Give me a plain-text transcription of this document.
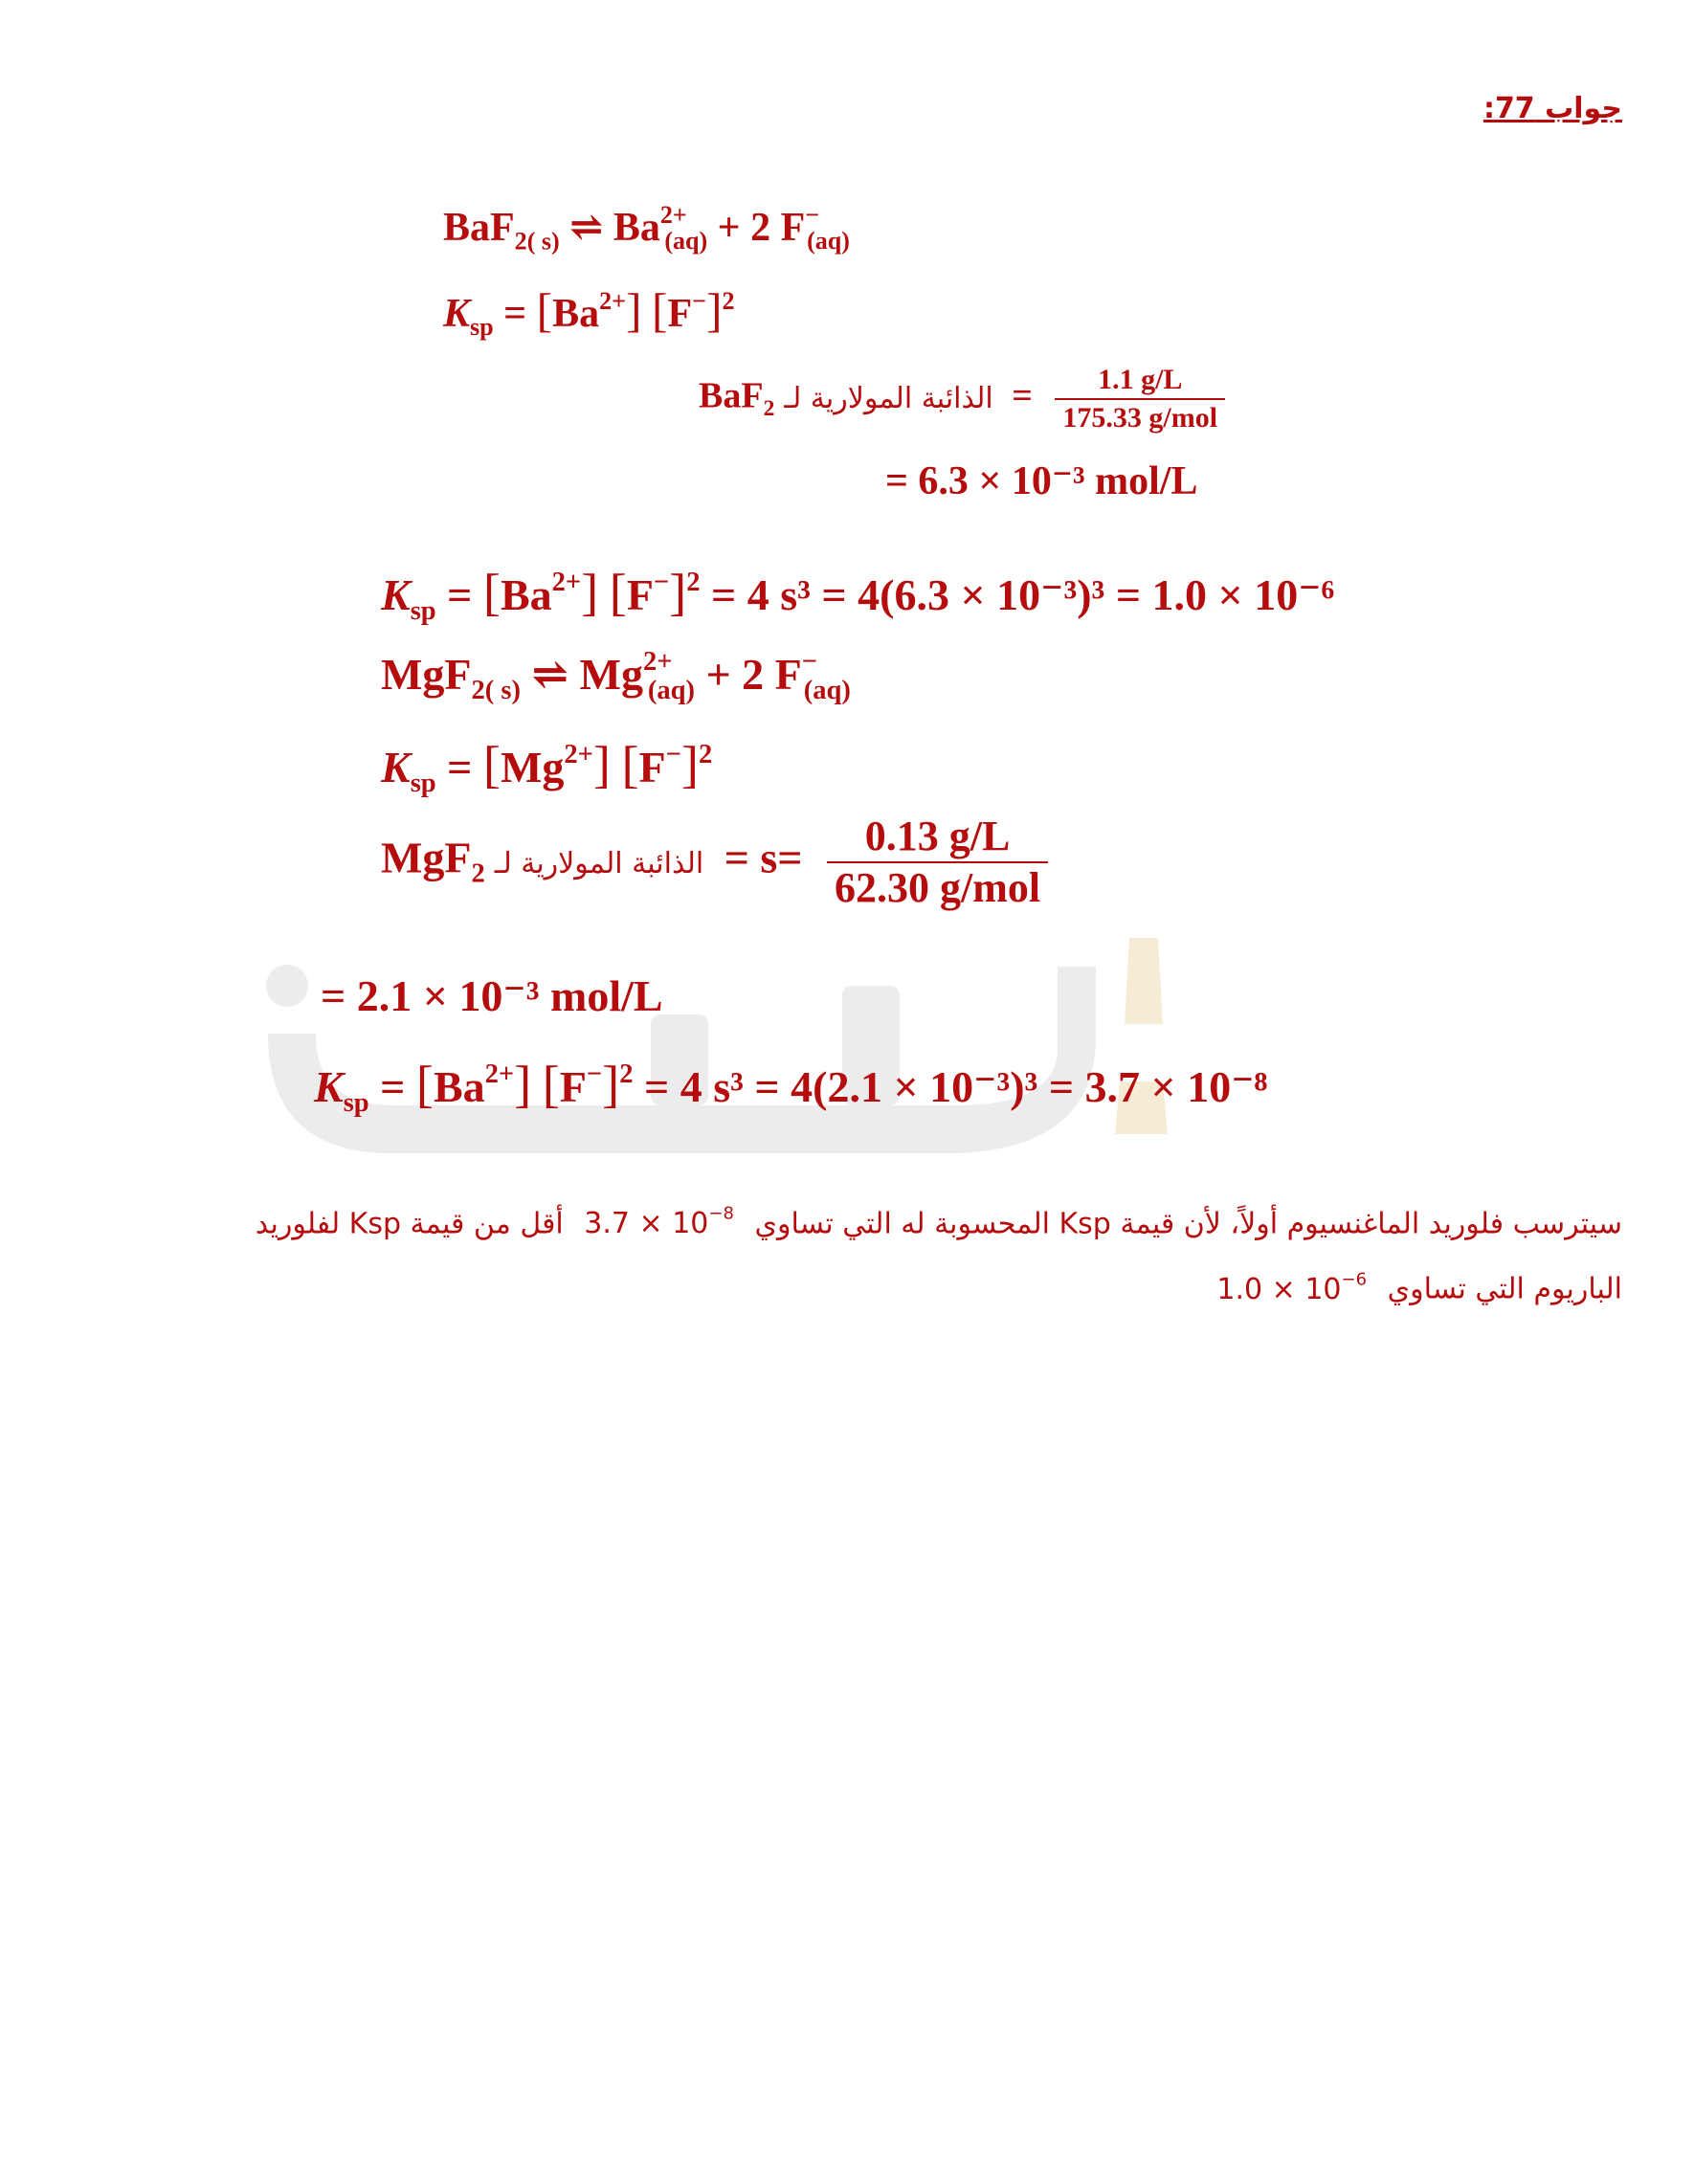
جواب 77:
BaF$_{2( s)}$ ⇌ $Ba^{2+}_{(aq)} + 2$ $F^-_{(aq)}$
$K_{sp} = [Ba^{2+}]$ $[F^-]^2$
BaF$_2$ الذائبة المولارية لـ = $\frac{1.1 g/L}{\text{175.33 g/mol}}$
= 6.3 × 10⁻³ mol/L
$K_{sp} = [Ba^{2+}] [F^-]^2 = 4$ s³ = 4(6.3 × 10⁻³)³ = 1.0 × 10⁻⁶
MgF$_{2( s)}$ ⇌ $Mg^{2+}_{(aq)} + 2$ $F^-_{(aq)}$
$K_{sp} = [Mg^{2+}]$ $[F^-]^2$
MgF$_2$ الذائبة المولارية لـ = $s= \frac{0.13 g/L}{\text{62.30 g/mol}}$
= 2.1 × 10⁻³ mol/L
$K_{sp} = [Ba^{2+}] [F^-]^2 = 4$ s³ = 4(2.1 × 10⁻³)³ = 3.7 × 10⁻⁸
سيترسب فلوريد الماغنسيوم أولاً، لأن قيمة Ksp المحسوبة له التي تساوي $3.7 \times 10^{-8}$ أقل من قيمة Ksp لفلوريد
الباريوم التي تساوي $1.0 \times 10^{-6}$
